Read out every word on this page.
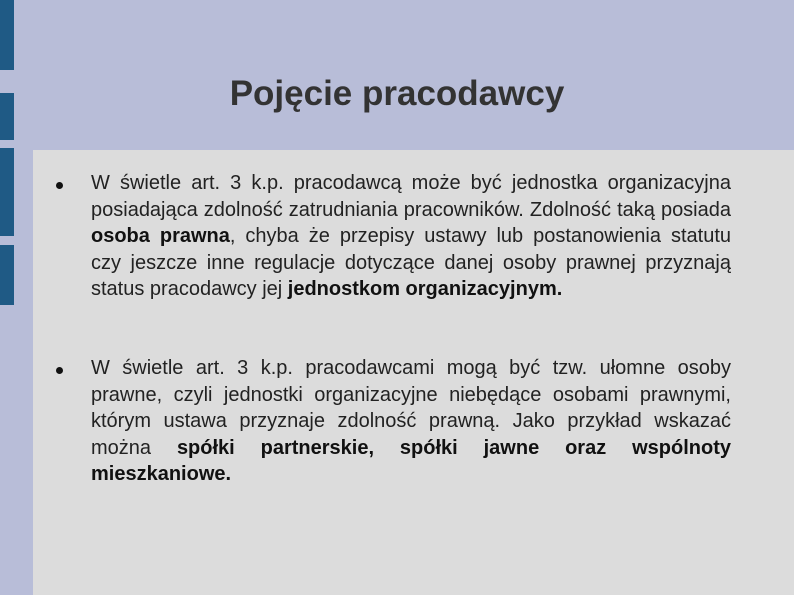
Pojęcie pracodawcy

W świetle art. 3 k.p. pracodawcą może być jednostka organizacyjna posiadająca zdolność zatrudniania pracowników. Zdolność taką posiada osoba prawna, chyba że przepisy ustawy lub postanowienia statutu czy jeszcze inne regulacje dotyczące danej osoby prawnej przyznają status pracodawcy jej jednostkom organizacyjnym.

W świetle art. 3 k.p. pracodawcami mogą być tzw. ułomne osoby prawne, czyli jednostki organizacyjne niebędące osobami prawnymi, którym ustawa przyznaje zdolność prawną. Jako przykład wskazać można spółki partnerskie, spółki jawne oraz wspólnoty mieszkaniowe.
